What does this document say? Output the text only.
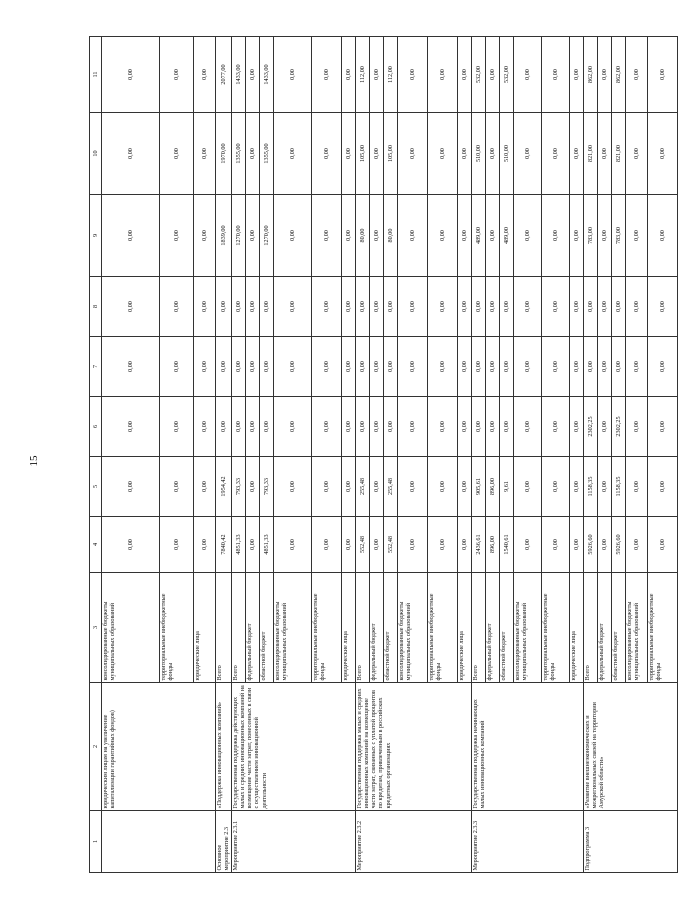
15
1	2	3	4	5	6	7	8	9	10	11
	юридическим лицам на увеличение капитализации гарантийных фондов)	консолидированные бюджеты муниципальных образований	0,00	0,00	0,00	0,00	0,00	0,00	0,00	0,00
		территориальные внебюджетные фонды	0,00	0,00	0,00	0,00	0,00	0,00	0,00	0,00
		юридические лица	0,00	0,00	0,00	0,00	0,00	0,00	0,00	0,00
Основное мероприятие 2.3	«Поддержка инновационных компаний»	Всего	7840,42	1954,42	0,00	0,00	0,00	1839,00	1970,00	2077,00
Мероприятие 2.3.1	Государственная поддержка действующих малых и средних инновационных компаний на возмещение части затрат, понесенных в связи с осуществлением инновационной деятельности	Всего	4851,33	793,33	0,00	0,00	0,00	1270,00	1355,00	1433,00
		федеральный бюджет	0,00	0,00	0,00	0,00	0,00	0,00	0,00	0,00
		областной бюджет	4851,33	793,33	0,00	0,00	0,00	1270,00	1355,00	1433,00
		консолидированные бюджеты муниципальных образований	0,00	0,00	0,00	0,00	0,00	0,00	0,00	0,00
		территориальные внебюджетные фонды	0,00	0,00	0,00	0,00	0,00	0,00	0,00	0,00
		юридические лица	0,00	0,00	0,00	0,00	0,00	0,00	0,00	0,00
Мероприятие 2.3.2	Государственная поддержка малых и средних инновационных компаний на возмещение части затрат, связанных с уплатой процентов по кредитам, привлеченным в российских кредитных организациях	Всего	552,48	255,48	0,00	0,00	0,00	80,00	105,00	112,00
		федеральный бюджет	0,00	0,00	0,00	0,00	0,00	0,00	0,00	0,00
		областной бюджет	552,48	255,48	0,00	0,00	0,00	80,00	105,00	112,00
		консолидированные бюджеты муниципальных образований	0,00	0,00	0,00	0,00	0,00	0,00	0,00	0,00
		территориальные внебюджетные фонды	0,00	0,00	0,00	0,00	0,00	0,00	0,00	0,00
		юридические лица	0,00	0,00	0,00	0,00	0,00	0,00	0,00	0,00
Мероприятие 2.3.3	Государственная поддержка начинающих малых инновационных компаний	Всего	2436,61	905,61	0,00	0,00	0,00	489,00	510,00	532,00
		федеральный бюджет	896,00	896,00	0,00	0,00	0,00	0,00	0,00	0,00
		областной бюджет	1540,61	9,61	0,00	0,00	0,00	489,00	510,00	532,00
		консолидированные бюджеты муниципальных образований	0,00	0,00	0,00	0,00	0,00	0,00	0,00	0,00
		территориальные внебюджетные фонды	0,00	0,00	0,00	0,00	0,00	0,00	0,00	0,00
		юридические лица	0,00	0,00	0,00	0,00	0,00	0,00	0,00	0,00
Подпрограмма 3	«Развитие внешнеэкономических и межрегиональных связей на территории Амурской области»	Всего	5926,60	1158,35	2302,25	0,00	0,00	783,00	821,00	862,00
		федеральный бюджет	0,00	0,00	0,00	0,00	0,00	0,00	0,00	0,00
		областной бюджет	5926,60	1158,35	2302,25	0,00	0,00	783,00	821,00	862,00
		консолидированные бюджеты муниципальных образований	0,00	0,00	0,00	0,00	0,00	0,00	0,00	0,00
		территориальные внебюджетные фонды	0,00	0,00	0,00	0,00	0,00	0,00	0,00	0,00
